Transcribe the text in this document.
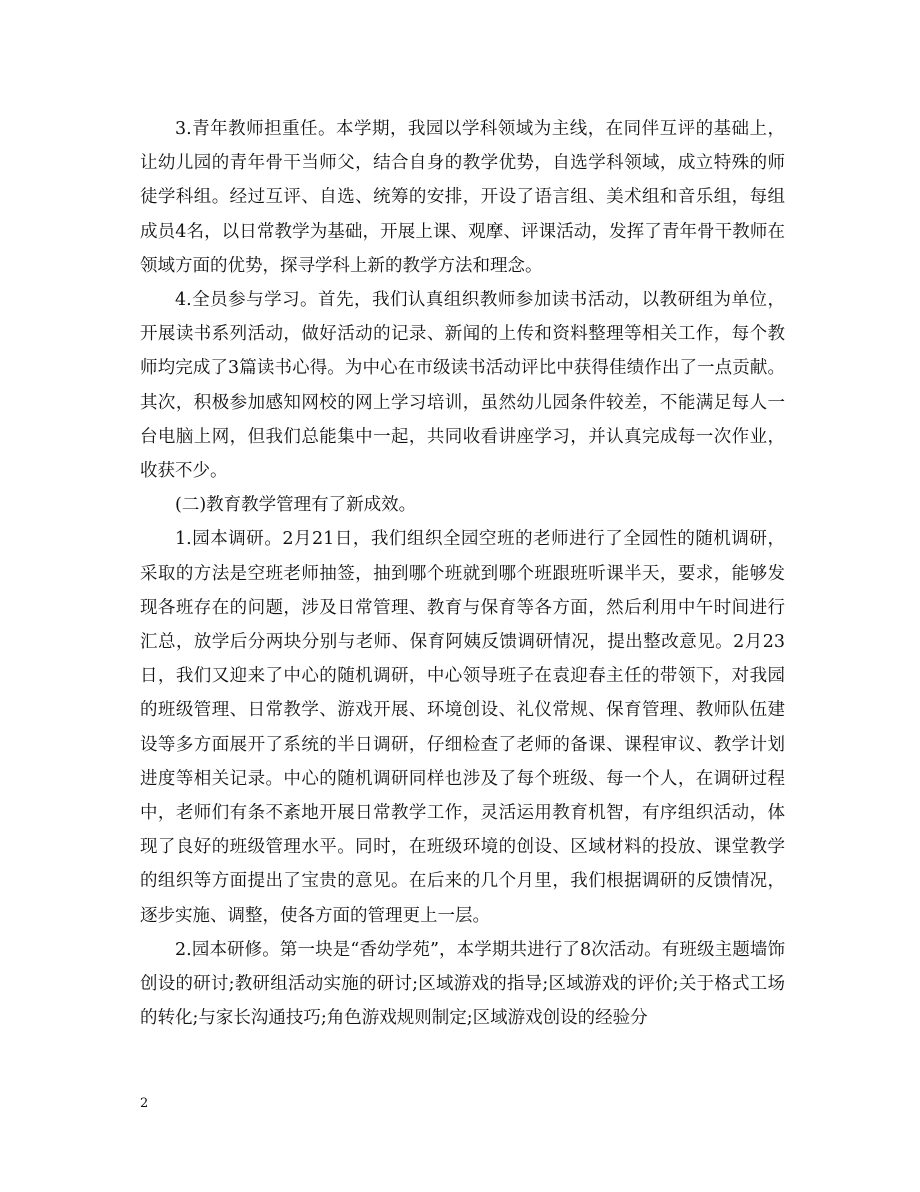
3.青年教师担重任。本学期，我园以学科领域为主线，在同伴互评的基础上，让幼儿园的青年骨干当师父，结合自身的教学优势，自选学科领域，成立特殊的师徒学科组。经过互评、自选、统筹的安排，开设了语言组、美术组和音乐组，每组成员4名，以日常教学为基础，开展上课、观摩、评课活动，发挥了青年骨干教师在领域方面的优势，探寻学科上新的教学方法和理念。

4.全员参与学习。首先，我们认真组织教师参加读书活动，以教研组为单位，开展读书系列活动，做好活动的记录、新闻的上传和资料整理等相关工作，每个教师均完成了3篇读书心得。为中心在市级读书活动评比中获得佳绩作出了一点贡献。其次，积极参加感知网校的网上学习培训，虽然幼儿园条件较差，不能满足每人一台电脑上网，但我们总能集中一起，共同收看讲座学习，并认真完成每一次作业，收获不少。

(二)教育教学管理有了新成效。

1.园本调研。2月21日，我们组织全园空班的老师进行了全园性的随机调研，采取的方法是空班老师抽签，抽到哪个班就到哪个班跟班听课半天，要求，能够发现各班存在的问题，涉及日常管理、教育与保育等各方面，然后利用中午时间进行汇总，放学后分两块分别与老师、保育阿姨反馈调研情况，提出整改意见。2月23日，我们又迎来了中心的随机调研，中心领导班子在袁迎春主任的带领下，对我园的班级管理、日常教学、游戏开展、环境创设、礼仪常规、保育管理、教师队伍建设等多方面展开了系统的半日调研，仔细检查了老师的备课、课程审议、教学计划进度等相关记录。中心的随机调研同样也涉及了每个班级、每一个人，在调研过程中，老师们有条不紊地开展日常教学工作，灵活运用教育机智，有序组织活动，体现了良好的班级管理水平。同时，在班级环境的创设、区域材料的投放、课堂教学的组织等方面提出了宝贵的意见。在后来的几个月里，我们根据调研的反馈情况，逐步实施、调整，使各方面的管理更上一层。

2.园本研修。第一块是“香幼学苑”，本学期共进行了8次活动。有班级主题墙饰创设的研讨;教研组活动实施的研讨;区域游戏的指导;区域游戏的评价;关于格式工场的转化;与家长沟通技巧;角色游戏规则制定;区域游戏创设的经验分

2
